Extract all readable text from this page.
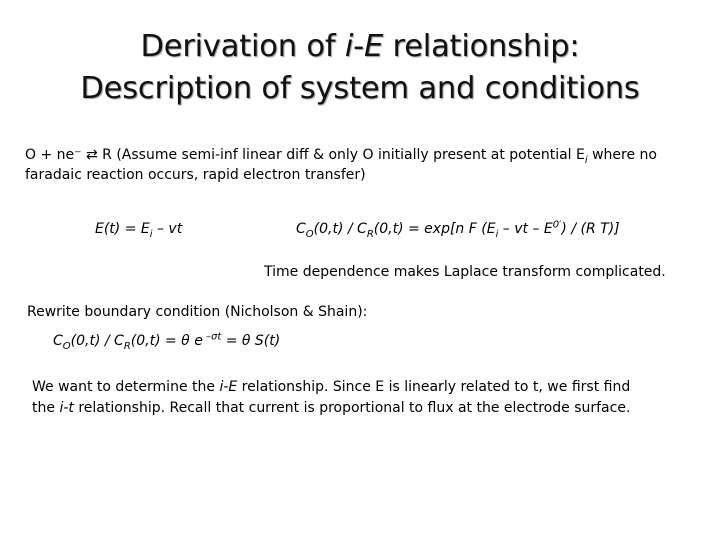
Derivation of i-E relationship:
Description of system and conditions
O + ne⁻ ⇄ R (Assume semi-inf linear diff & only O initially present at potential $E_i$ where no
faradaic reaction occurs, rapid electron transfer)
$E(t) = E_i$ – vt	$C_O(0,t) / C_R(0,t) = \exp[n$ F ($E_i$ – vt – $E^{0'}) / (R$ T)]
Time dependence makes Laplace transform complicated.
Rewrite boundary condition (Nicholson & Shain):
$C_O(0,t) / C_R(0,t) = \theta$ e $^{-\sigma t}$ = θ S(t)
We want to determine the i-E relationship. Since E is linearly related to t, we first find
the i-t relationship. Recall that current is proportional to flux at the electrode surface.
